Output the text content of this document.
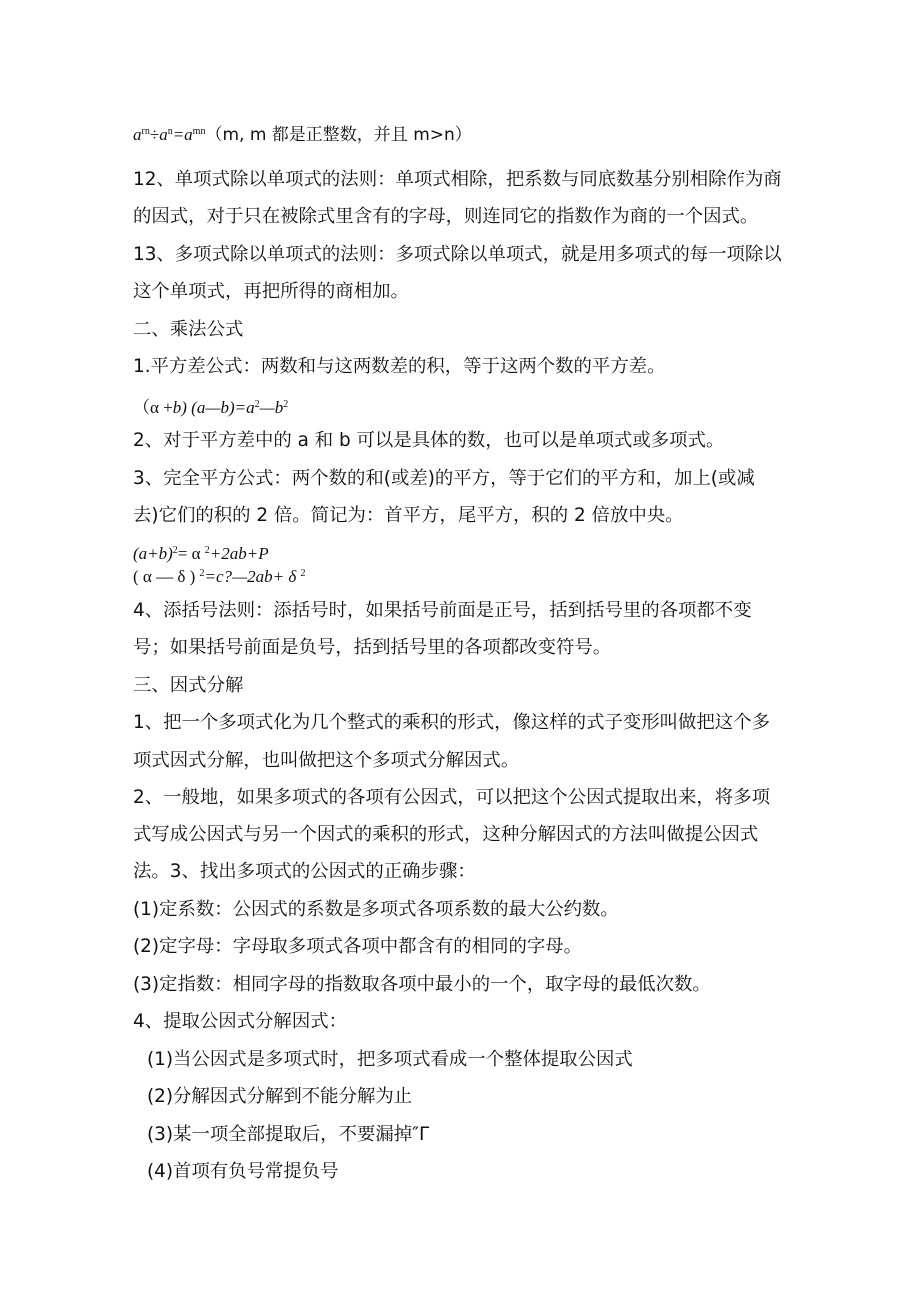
$a^{rn}\div a^n=a^{mn}(m$, m 都是正整数，并且 m>n）
12、单项式除以单项式的法则：单项式相除，把系数与同底数基分别相除作为商
的因式，对于只在被除式里含有的字母，则连同它的指数作为商的一个因式。
13、多项式除以单项式的法则：多项式除以单项式，就是用多项式的每一项除以
这个单项式，再把所得的商相加。
二、乘法公式
1.平方差公式：两数和与这两数差的积，等于这两个数的平方差。
（α +b) $(a—b)=a^2—b^2$
2、对于平方差中的 a 和 b 可以是具体的数，也可以是单项式或多项式。
3、完全平方公式：两个数的和(或差)的平方，等于它们的平方和，加上(或减
去)它们的积的 2 倍。简记为：首平方，尾平方，积的 2 倍放中央。
$(a+b)^2= \alpha$ $^2$+2ab+P
( α — δ ) $^2$=c?—2ab+ δ $^2$
4、添括号法则：添括号时，如果括号前面是正号，括到括号里的各项都不变
号；如果括号前面是负号，括到括号里的各项都改变符号。
三、因式分解
1、把一个多项式化为几个整式的乘积的形式，像这样的式子变形叫做把这个多
项式因式分解，也叫做把这个多项式分解因式。
2、一般地，如果多项式的各项有公因式，可以把这个公因式提取出来，将多项
式写成公因式与另一个因式的乘积的形式，这种分解因式的方法叫做提公因式
法。3、找出多项式的公因式的正确步骤：
(1)定系数：公因式的系数是多项式各项系数的最大公约数。
(2)定字母：字母取多项式各项中都含有的相同的字母。
(3)定指数：相同字母的指数取各项中最小的一个，取字母的最低次数。
4、提取公因式分解因式：
(1)当公因式是多项式时，把多项式看成一个整体提取公因式
(2)分解因式分解到不能分解为止
(3)某一项全部提取后，不要漏掉″Γ
(4)首项有负号常提负号
